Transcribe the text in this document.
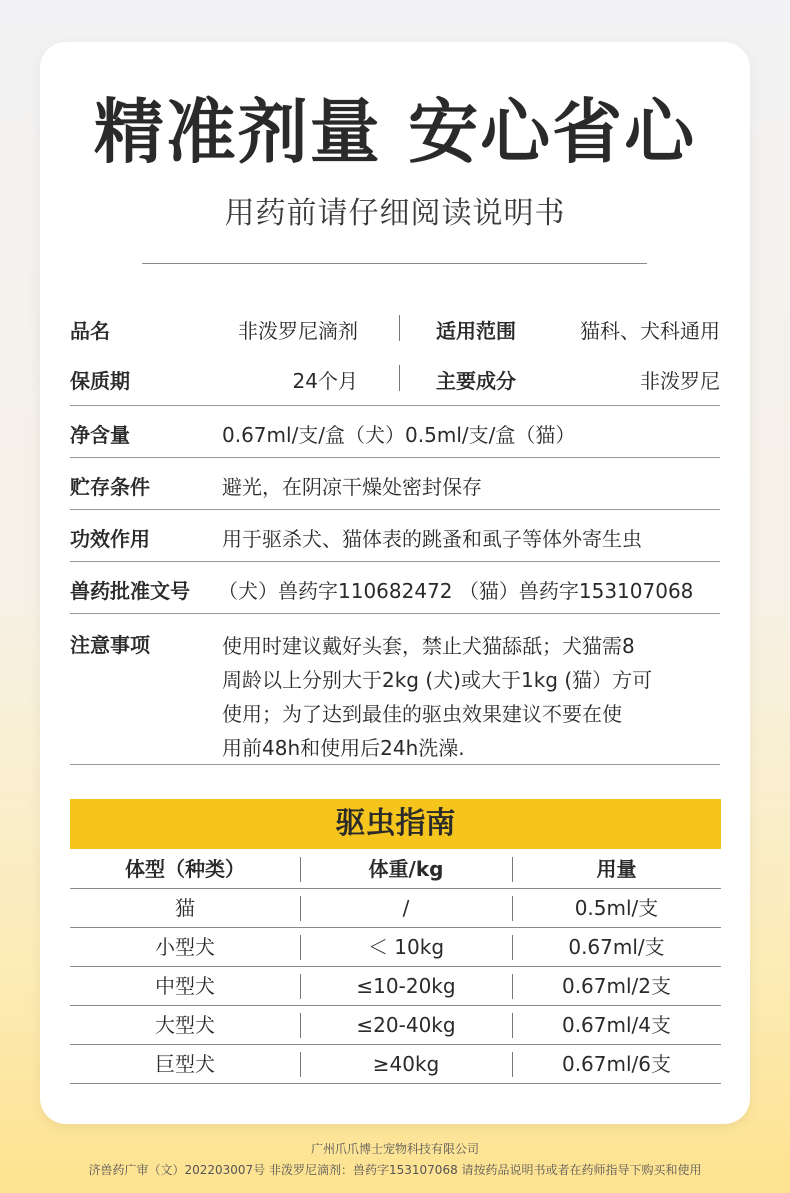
精准剂量 安心省心
用药前请仔细阅读说明书
品名	非泼罗尼滴剂	适用范围	猫科、犬科通用
保质期	24个月	主要成分	非泼罗尼
净含量	0.67ml/支/盒（犬）0.5ml/支/盒（猫）
贮存条件	避光，在阴凉干燥处密封保存
功效作用	用于驱杀犬、猫体表的跳蚤和虱子等体外寄生虫
兽药批准文号 （犬）兽药字110682472 （猫）兽药字153107068
注意事项	使用时建议戴好头套，禁止犬猫舔舐；犬猫需8
周龄以上分别大于2kg (犬)或大于1kg (猫）方可
使用；为了达到最佳的驱虫效果建议不要在使
用前48h和使用后24h洗澡.
驱虫指南
体型（种类）	体重/kg	用量
猫	/	0.5ml/支
小型犬	＜ 10kg	0.67ml/支
中型犬	≤10-20kg	0.67ml/2支
大型犬	≤20-40kg	0.67ml/4支
巨型犬	≥40kg	0.67ml/6支
广州爪爪博士宠物科技有限公司
济兽药广审（文）202203007号 非泼罗尼滴剂：兽药字153107068 请按药品说明书或者在药师指导下购买和使用
